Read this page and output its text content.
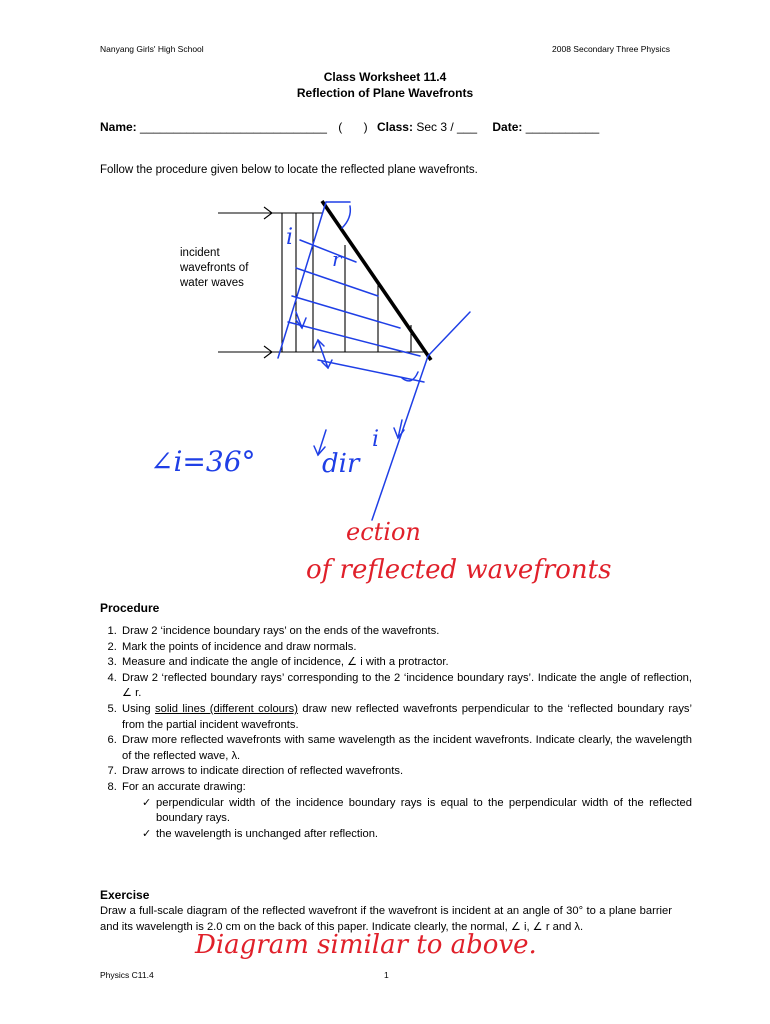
Nanyang Girls' High School	2008 Secondary Three Physics
Class Worksheet 11.4
Reflection of Plane Wavefronts
Name: ____________________________ ( ) Class: Sec 3 / ___ Date: ___________
Follow the procedure given below to locate the reflected plane wavefronts.
incident
wavefronts of
water waves
i
r
∠i=36°	dir
i
ection
of reflected wavefronts
Procedure
1. Draw 2 ‘incidence boundary rays’ on the ends of the wavefronts.
2. Mark the points of incidence and draw normals.
3. Measure and indicate the angle of incidence, ∠ i with a protractor.
4. Draw 2 ‘reflected boundary rays’ corresponding to the 2 ‘incidence boundary rays’. Indicate the angle of reflection, ∠ r.
5. Using solid lines (different colours) draw new reflected wavefronts perpendicular to the ‘reflected boundary rays’ from the partial incident wavefronts.
6. Draw more reflected wavefronts with same wavelength as the incident wavefronts. Indicate clearly, the wavelength of the reflected wave, λ.
7. Draw arrows to indicate direction of reflected wavefronts.
8. For an accurate drawing:
✓ perpendicular width of the incidence boundary rays is equal to the perpendicular width of the reflected boundary rays.
✓ the wavelength is unchanged after reflection.
Exercise
Draw a full-scale diagram of the reflected wavefront if the wavefront is incident at an angle of 30° to a plane barrier and its wavelength is 2.0 cm on the back of this paper. Indicate clearly, the normal, ∠ i, ∠ r and λ.
Diagram similar to above.
Physics C11.4	1
